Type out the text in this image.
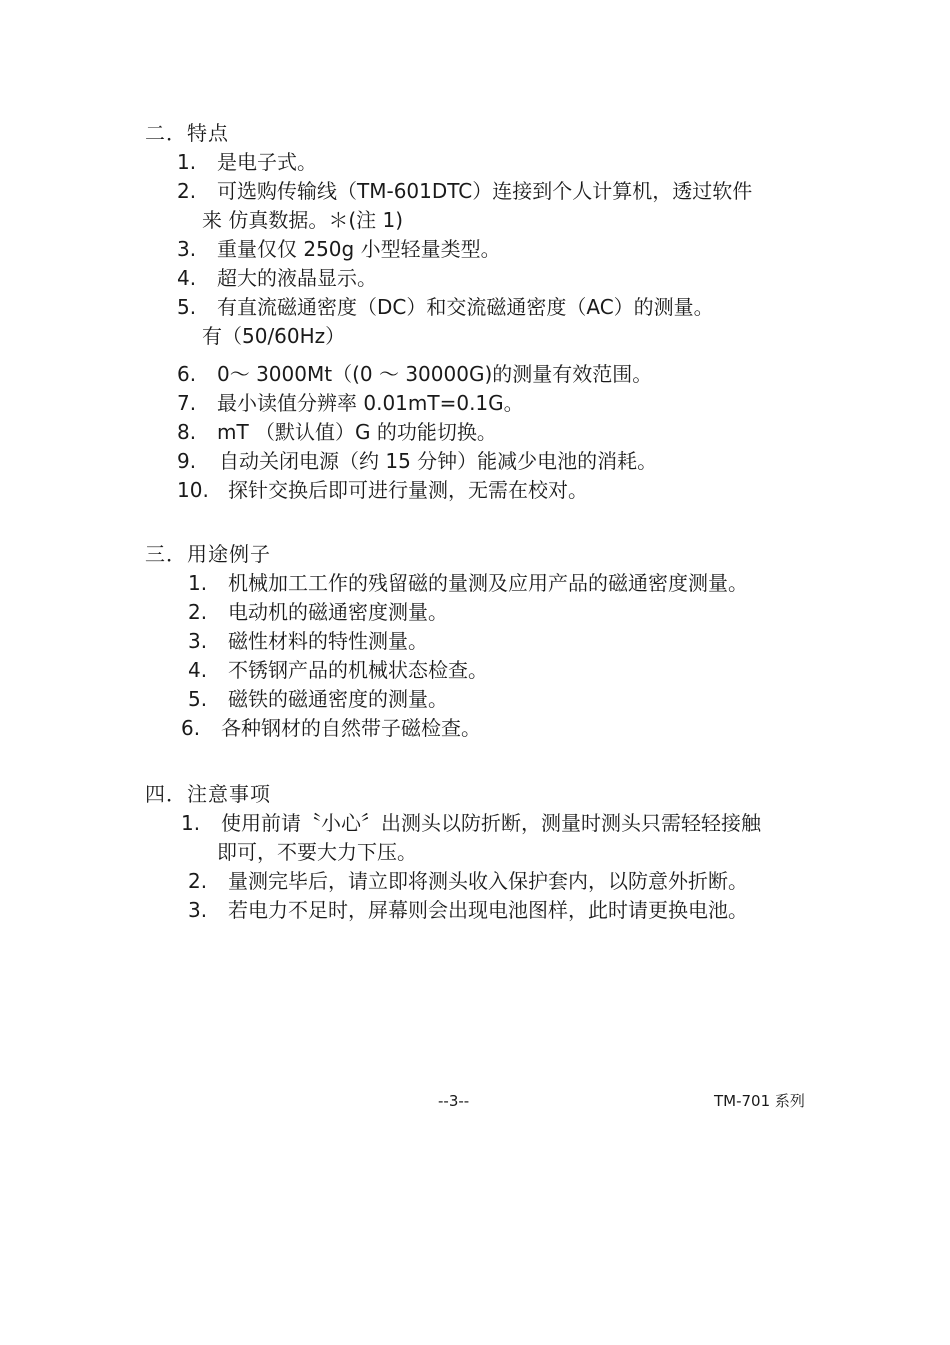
二．特点
1. 是电子式。
2. 可选购传输线（TM-601DTC）连接到个人计算机，透过软件
来 仿真数据。＊(注 1)
3. 重量仅仅 250g 小型轻量类型。
4. 超大的液晶显示。
5. 有直流磁通密度（DC）和交流磁通密度（AC）的测量。
有（50/60Hz）
6. 0～ 3000Mt（(0 ～ 30000G)的测量有效范围。
7. 最小读值分辨率 0.01mT=0.1G。
8. mT （默认值）G 的功能切换。
9. 自动关闭电源（约 15 分钟）能减少电池的消耗。
10. 探针交换后即可进行量测，无需在校对。
三．用途例子
1. 机械加工工作的残留磁的量测及应用产品的磁通密度测量。
2. 电动机的磁通密度测量。
3. 磁性材料的特性测量。
4. 不锈钢产品的机械状态检查。
5. 磁铁的磁通密度的测量。
6. 各种钢材的自然带子磁检查。
四．注意事项
1. 使用前请〝小心〞出测头以防折断，测量时测头只需轻轻接触
即可，不要大力下压。
2. 量测完毕后，请立即将测头收入保护套内，以防意外折断。
3. 若电力不足时，屏幕则会出现电池图样，此时请更换电池。
--3--	TM-701 系列
